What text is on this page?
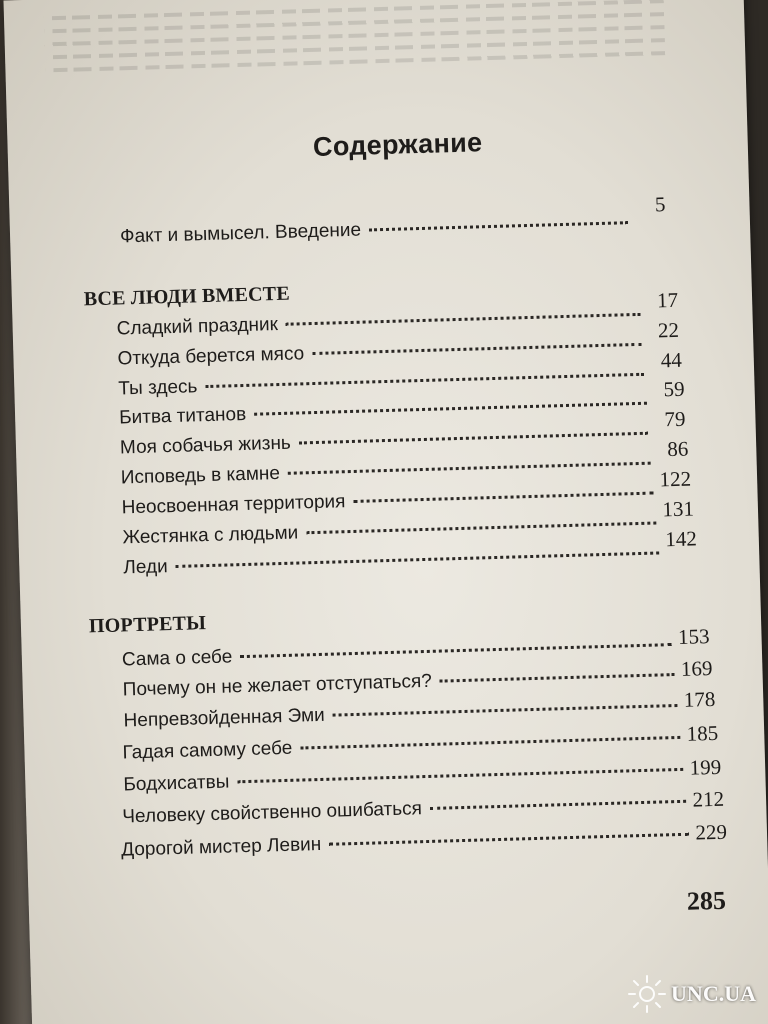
Содержание
Факт и вымысел. Введение
5
ВСЕ ЛЮДИ ВМЕСТЕ
Сладкий праздник
17
Откуда берется мясо
22
Ты здесь
44
Битва титанов
59
Моя собачья жизнь
79
Исповедь в камне
86
Неосвоенная территория
122
Жестянка с людьми
131
Леди
142
ПОРТРЕТЫ
Сама о себе
153
Почему он не желает отступаться?
169
Непревзойденная Эми
178
Гадая самому себе
185
Бодхисатвы
199
Человеку свойственно ошибаться	212
Дорогой мистер Левин
229
285
UNC.UA
